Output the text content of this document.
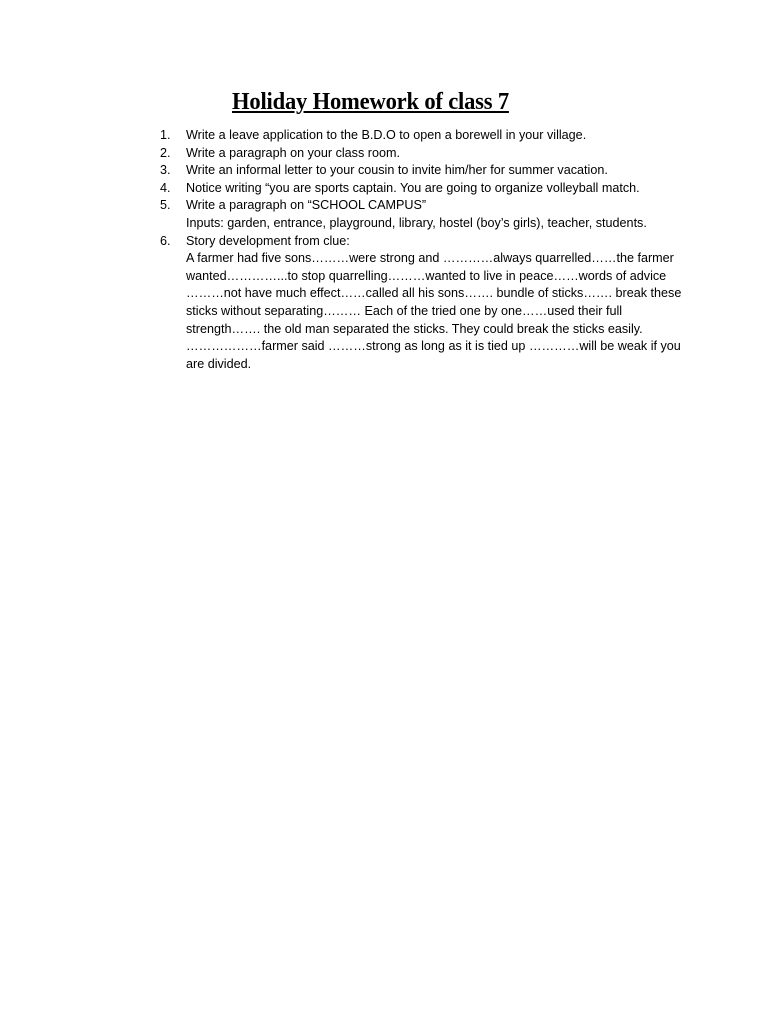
Holiday Homework of class 7
1. Write a leave application to the B.D.O to open a borewell in your village.
2. Write a paragraph on your class room.
3. Write an informal letter to your cousin to invite him/her for summer vacation.
4. Notice writing “you are sports captain. You are going to organize volleyball match.
5. Write a paragraph on “SCHOOL CAMPUS”
Inputs: garden, entrance, playground, library, hostel (boy’s girls), teacher, students.
6. Story development from clue:
A farmer had five sons………were strong and …………always quarrelled……the farmer
wanted…………...to stop quarrelling………wanted to live in peace……words of advice
………not have much effect……called all his sons……. bundle of sticks……. break these
sticks without separating……… Each of the tried one by one……used their full
strength……. the old man separated the sticks. They could break the sticks easily.
………………farmer said ………strong as long as it is tied up …………will be weak if you
are divided.
